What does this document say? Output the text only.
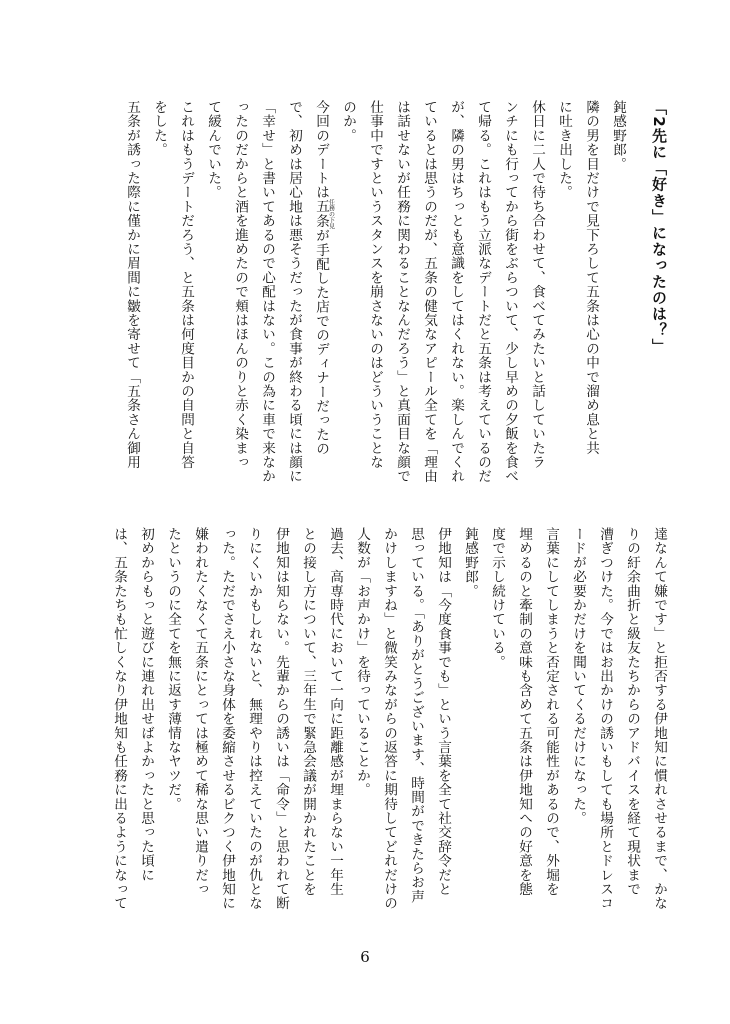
「2先に「好き」になったのは？」
鈍感野郎。
隣の男を目だけで見下ろして五条は心の中で溜め息と共
に吐き出した。
休日に二人で待ち合わせて、食べてみたいと話していたラ
ンチにも行ってから街をぶらついて、少し早めの夕飯を食べ
て帰る。これはもう立派なデートだと五条は考えているのだ
が、隣の男はちっとも意識をしてはくれない。楽しんでくれ
ているとは思うのだが、五条の健気なアピール全てを「理由
は話せないが任務に関わることなんだろう」と真面目な顔で
仕事中ですというスタンスを崩さないのはどういうことな
のか。
今回のデートは五条任務の下見が手配した店でのディナーだったの
で、初めは居心地は悪そうだったが食事が終わる頃には顔に
「幸せ」と書いてあるので心配はない。この為に車で来なか
ったのだからと酒を進めたので頬はほんのりと赤く染まっ
て緩んでいた。
これはもうデートだろう、と五条は何度目かの自問と自答
をした。
五条が誘った際に僅かに眉間に皺を寄せて「五条さん御用
達なんて嫌です」と拒否する伊地知に慣れさせるまで、かな
りの紆余曲折と級友たちからのアドバイスを経て現状まで
漕ぎつけた。今ではお出かけの誘いもしても場所とドレスコ
ードが必要かだけを聞いてくるだけになった。
言葉にしてしまうと否定される可能性があるので、外堀を
埋めるのと牽制の意味も含めて五条は伊地知への好意を態
度で示し続けている。
鈍感野郎。
伊地知は「今度食事でも」という言葉を全て社交辞令だと
思っている。「ありがとうございます、時間ができたらお声
かけしますね」と微笑みながらの返答に期待してどれだけの
人数が「お声かけ」を待っていることか。
過去、高専時代において一向に距離感が埋まらない一年生
との接し方について、三年生で緊急会議が開かれたことを
伊地知は知らない。先輩からの誘いは「命令」と思われて断
りにくいかもしれないと、無理やりは控えていたのが仇とな
った。ただでさえ小さな身体を委縮させるビクつく伊地知に
嫌われたくなくて五条にとっては極めて稀な思い遣りだっ
たというのに全てを無に返す薄情なヤツだ。
初めからもっと遊びに連れ出せばよかったと思った頃に
は、五条たちも忙しくなり伊地知も任務に出るようになって
6
